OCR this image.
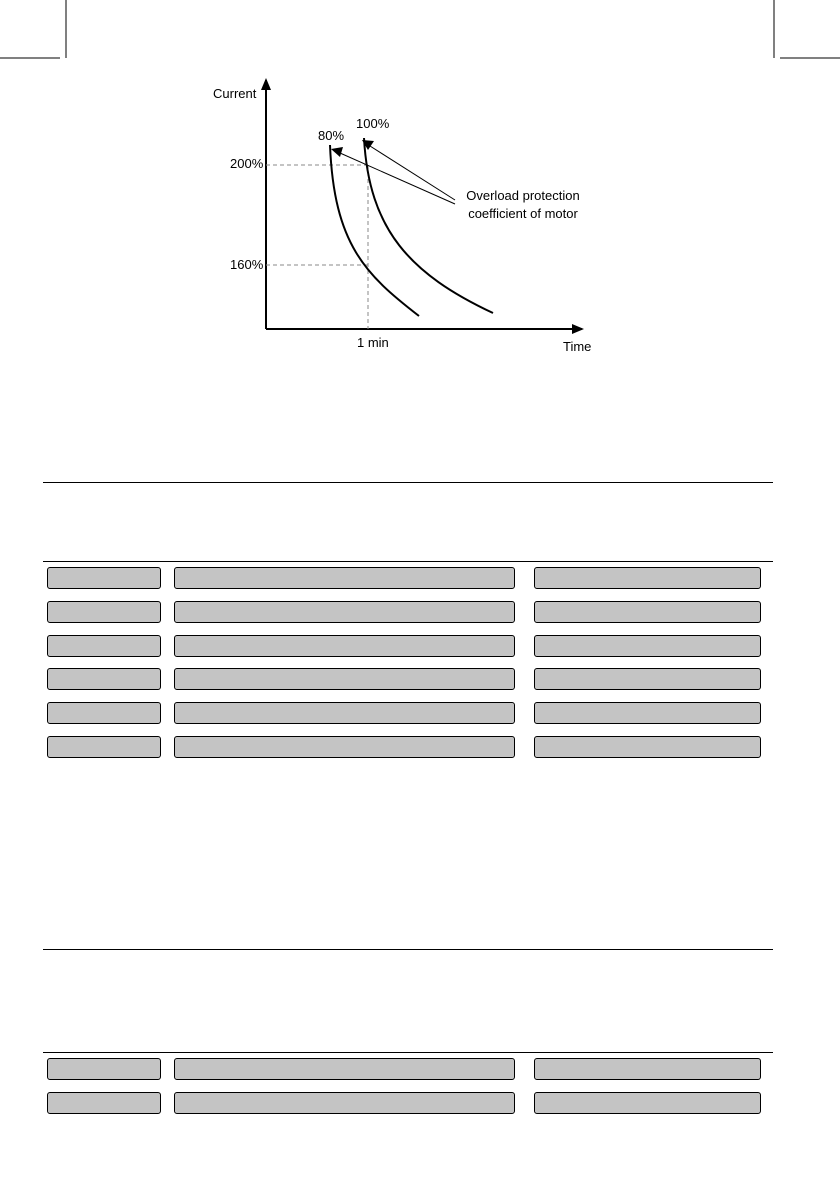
Current
Time
200%
160%
1 min
80%
100%
Overload protection
coefficient of motor
